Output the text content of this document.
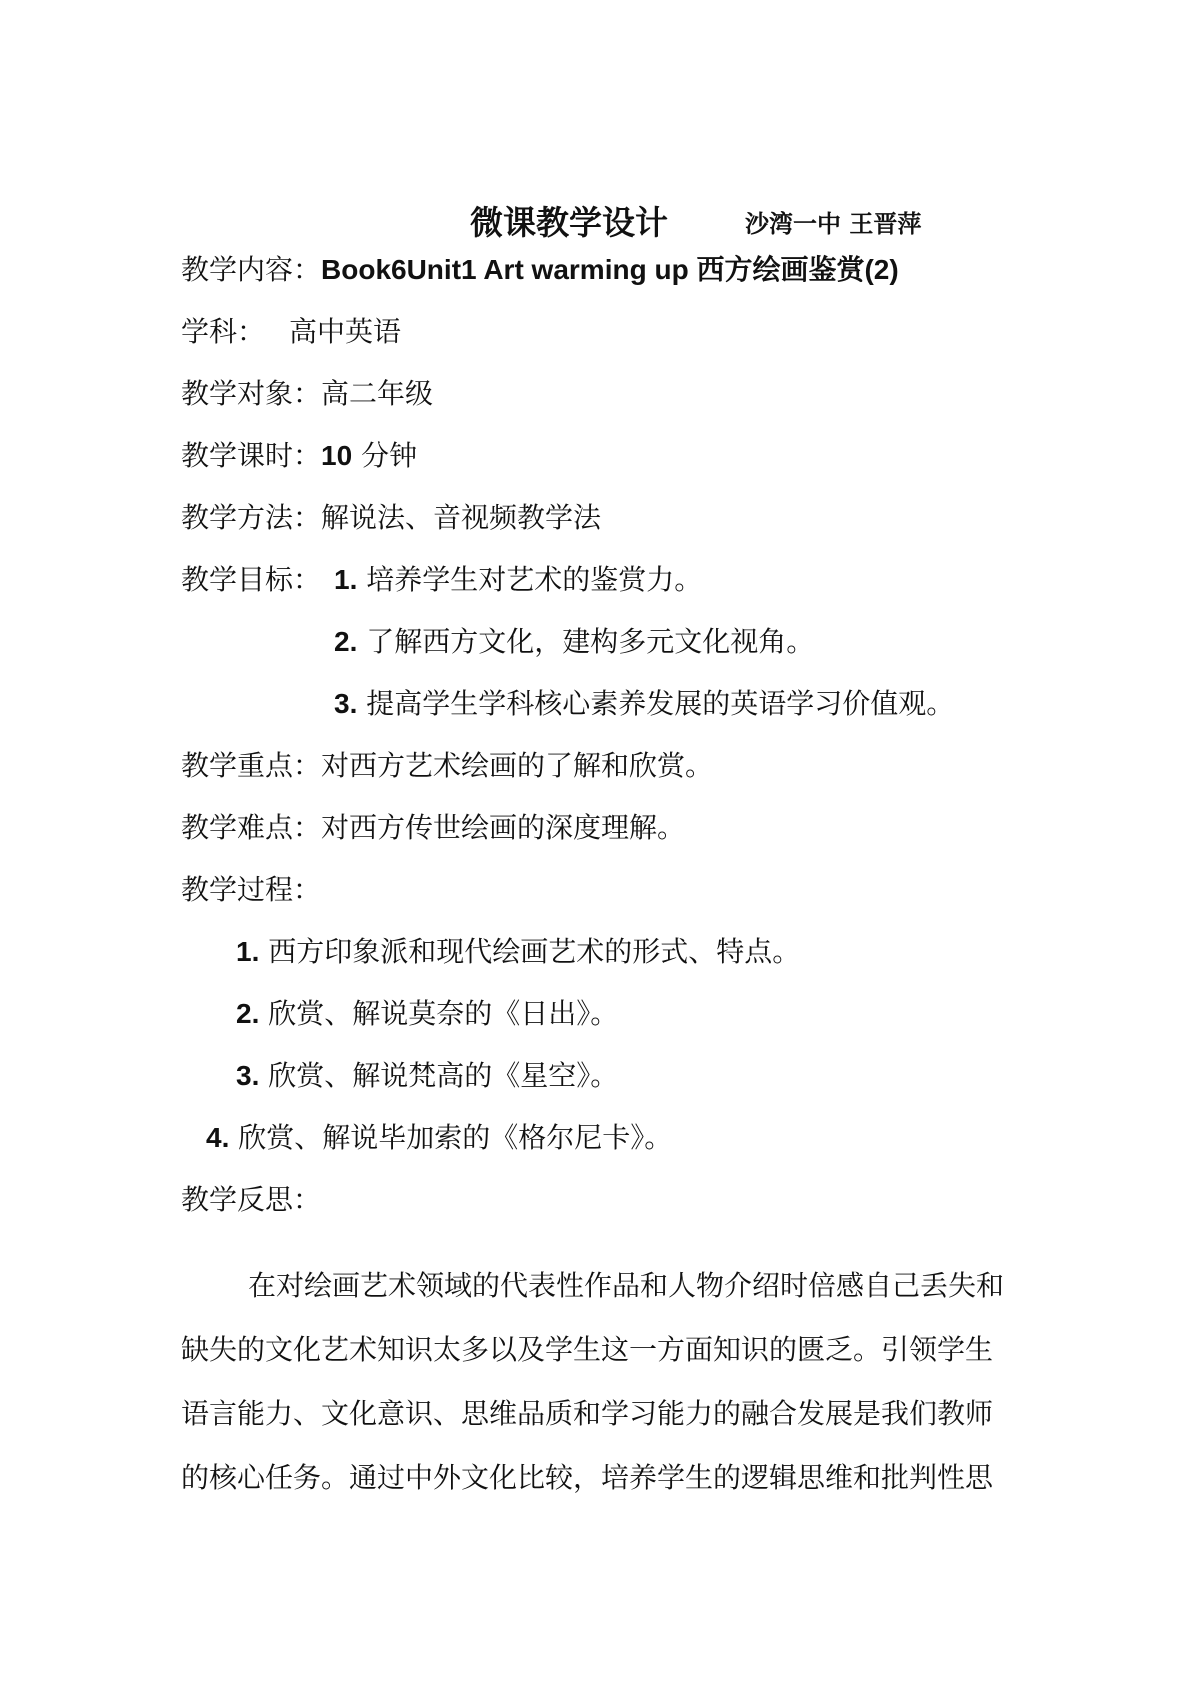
微课教学设计	沙湾一中 王晋萍
教学内容：Book6Unit1 Art warming up 西方绘画鉴赏(2)
学科： 高中英语
教学对象：高二年级
教学课时：10 分钟
教学方法：解说法、音视频教学法
教学目标： 1. 培养学生对艺术的鉴赏力。
2. 了解西方文化，建构多元文化视角。
3. 提高学生学科核心素养发展的英语学习价值观。
教学重点：对西方艺术绘画的了解和欣赏。
教学难点：对西方传世绘画的深度理解。
教学过程：
1. 西方印象派和现代绘画艺术的形式、特点。
2. 欣赏、解说莫奈的《日出》。
3. 欣赏、解说梵高的《星空》。
4. 欣赏、解说毕加索的《格尔尼卡》。
教学反思：
在对绘画艺术领域的代表性作品和人物介绍时倍感自己丢失和
缺失的文化艺术知识太多以及学生这一方面知识的匮乏。引领学生
语言能力、文化意识、思维品质和学习能力的融合发展是我们教师
的核心任务。通过中外文化比较，培养学生的逻辑思维和批判性思
